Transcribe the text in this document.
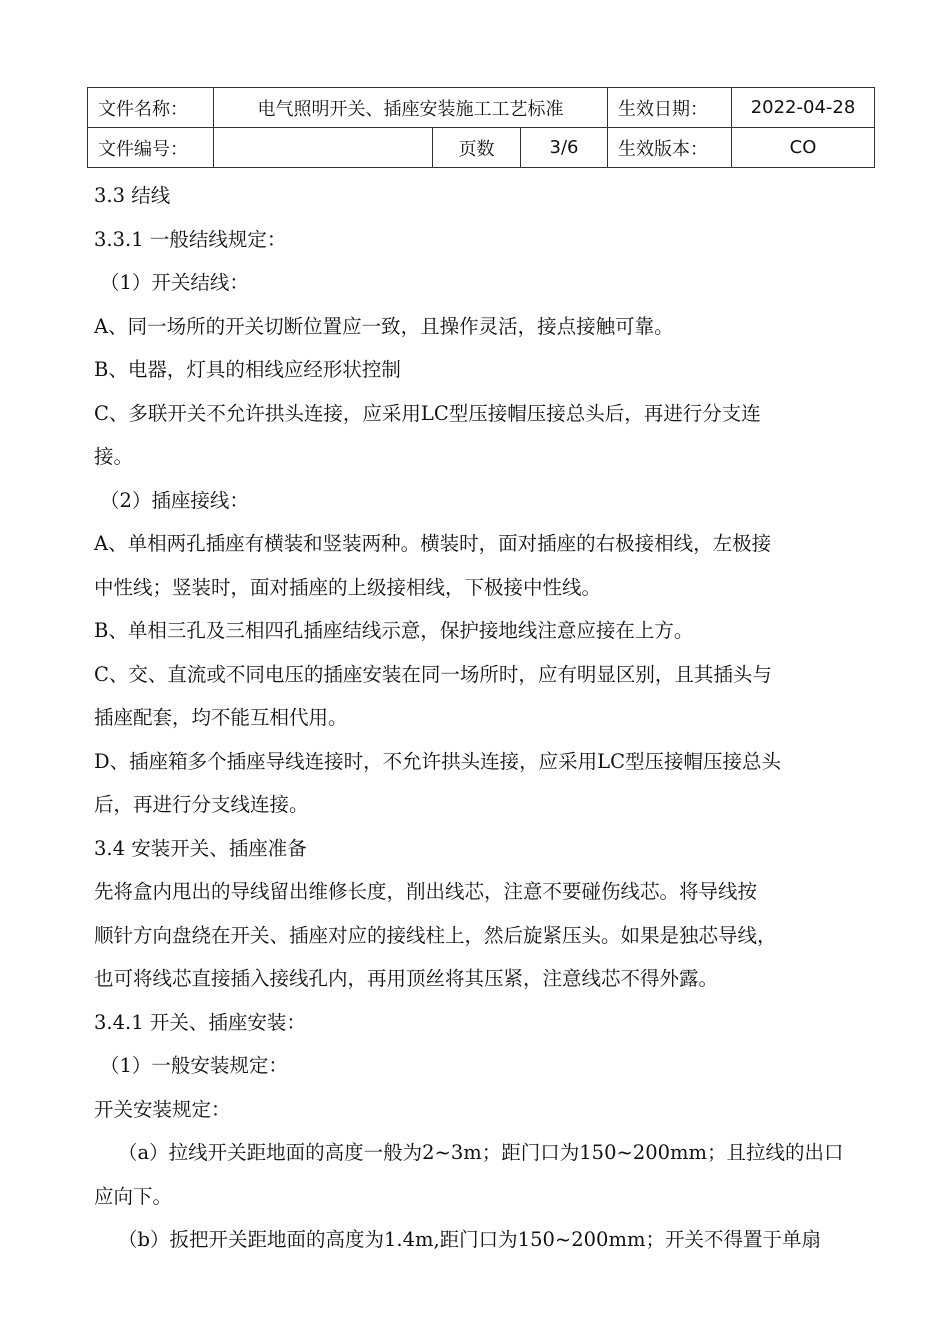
文件名称：	电气照明开关、插座安装施工工艺标准			生效日期：	2022-04-28
文件编号：		页数	3/6	生效版本：	CO

3.3 结线

3.3.1 一般结线规定：

（1）开关结线：

A、同一场所的开关切断位置应一致，且操作灵活，接点接触可靠。

B、电器，灯具的相线应经形状控制

C、多联开关不允许拱头连接，应采用LC型压接帽压接总头后，再进行分支连

接。

（2）插座接线：

A、单相两孔插座有横装和竖装两种。横装时，面对插座的右极接相线，左极接

中性线；竖装时，面对插座的上级接相线，下极接中性线。

B、单相三孔及三相四孔插座结线示意，保护接地线注意应接在上方。

C、交、直流或不同电压的插座安装在同一场所时，应有明显区别，且其插头与

插座配套，均不能互相代用。

D、插座箱多个插座导线连接时，不允许拱头连接，应采用LC型压接帽压接总头

后，再进行分支线连接。

3.4 安装开关、插座准备

先将盒内甩出的导线留出维修长度，削出线芯，注意不要碰伤线芯。将导线按

顺针方向盘绕在开关、插座对应的接线柱上，然后旋紧压头。如果是独芯导线，

也可将线芯直接插入接线孔内，再用顶丝将其压紧，注意线芯不得外露。

3.4.1 开关、插座安装：

（1）一般安装规定：

开关安装规定：

（a）拉线开关距地面的高度一般为2~3m；距门口为150~200mm；且拉线的出口

应向下。

（b）扳把开关距地面的高度为1.4m,距门口为150~200mm；开关不得置于单扇
